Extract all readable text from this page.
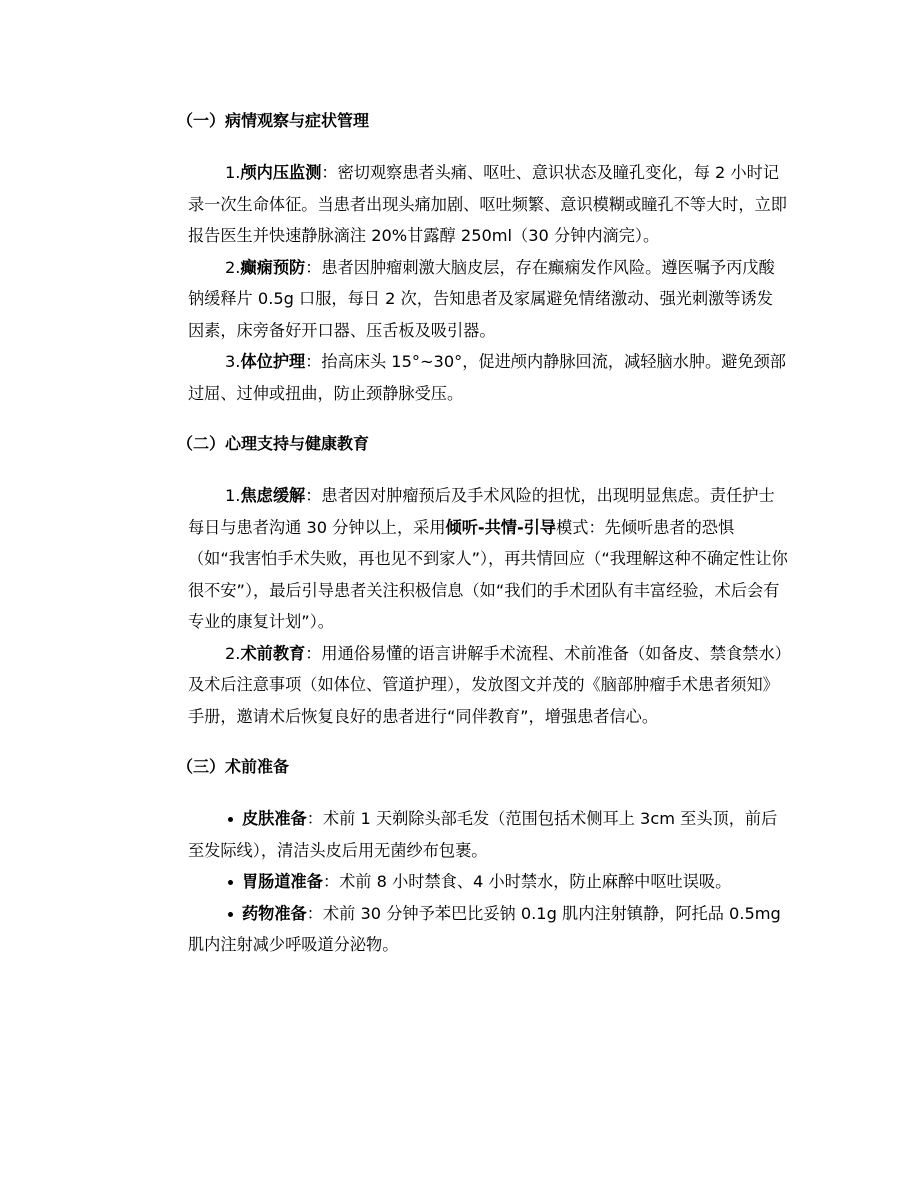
（一）病情观察与症状管理

1.颅内压监测：密切观察患者头痛、呕吐、意识状态及瞳孔变化，每 2 小时记录一次生命体征。当患者出现头痛加剧、呕吐频繁、意识模糊或瞳孔不等大时，立即报告医生并快速静脉滴注 20%甘露醇 250ml（30 分钟内滴完）。

2.癫痫预防：患者因肿瘤刺激大脑皮层，存在癫痫发作风险。遵医嘱予丙戊酸钠缓释片 0.5g 口服，每日 2 次，告知患者及家属避免情绪激动、强光刺激等诱发因素，床旁备好开口器、压舌板及吸引器。

3.体位护理：抬高床头 15°~30°，促进颅内静脉回流，减轻脑水肿。避免颈部过屈、过伸或扭曲，防止颈静脉受压。

（二）心理支持与健康教育

1.焦虑缓解：患者因对肿瘤预后及手术风险的担忧，出现明显焦虑。责任护士每日与患者沟通 30 分钟以上，采用倾听-共情-引导模式：先倾听患者的恐惧（如“我害怕手术失败，再也见不到家人”），再共情回应（“我理解这种不确定性让你很不安”），最后引导患者关注积极信息（如“我们的手术团队有丰富经验，术后会有专业的康复计划”）。

2.术前教育：用通俗易懂的语言讲解手术流程、术前准备（如备皮、禁食禁水）及术后注意事项（如体位、管道护理），发放图文并茂的《脑部肿瘤手术患者须知》手册，邀请术后恢复良好的患者进行“同伴教育”，增强患者信心。

（三）术前准备

皮肤准备：术前 1 天剃除头部毛发（范围包括术侧耳上 3cm 至头顶，前后至发际线），清洁头皮后用无菌纱布包裹。

胃肠道准备：术前 8 小时禁食、4 小时禁水，防止麻醉中呕吐误吸。

药物准备：术前 30 分钟予苯巴比妥钠 0.1g 肌内注射镇静，阿托品 0.5mg 肌内注射减少呼吸道分泌物。
